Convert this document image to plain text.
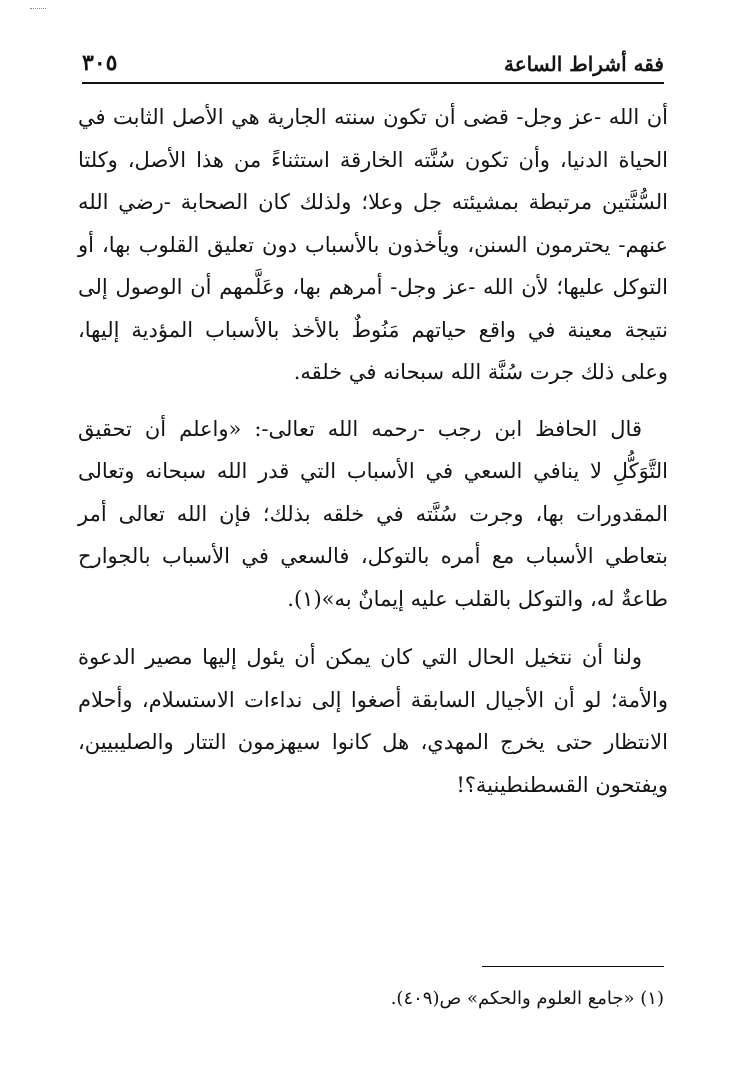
٣٠٥	فقه أشراط الساعة

أن الله -عز وجل- قضى أن تكون سنته الجارية هي الأصل الثابت في الحياة الدنيا، وأن تكون سُنَّته الخارقة استثناءً من هذا الأصل، وكلتا السُّنَّتين مرتبطة بمشيئته جل وعلا؛ ولذلك كان الصحابة -رضي الله عنهم- يحترمون السنن، ويأخذون بالأسباب دون تعليق القلوب بها، أو التوكل عليها؛ لأن الله -عز وجل- أمرهم بها، وعَلَّمهم أن الوصول إلى نتيجة معينة في واقع حياتهم مَنُوطٌ بالأخذ بالأسباب المؤدية إليها، وعلى ذلك جرت سُنَّة الله سبحانه في خلقه.

قال الحافظ ابن رجب -رحمه الله تعالى-: «واعلم أن تحقيق التَّوَكُّلِ لا ينافي السعي في الأسباب التي قدر الله سبحانه وتعالى المقدورات بها، وجرت سُنَّته في خلقه بذلك؛ فإن الله تعالى أمر بتعاطي الأسباب مع أمره بالتوكل، فالسعي في الأسباب بالجوارح طاعةٌ له، والتوكل بالقلب عليه إيمانٌ به»(١).

ولنا أن نتخيل الحال التي كان يمكن أن يئول إليها مصير الدعوة والأمة؛ لو أن الأجيال السابقة أصغوا إلى نداءات الاستسلام، وأحلام الانتظار حتى يخرج المهدي، هل كانوا سيهزمون التتار والصليبيين، ويفتحون القسطنطينية؟!

(١) «جامع العلوم والحكم» ص(٤٠٩).
